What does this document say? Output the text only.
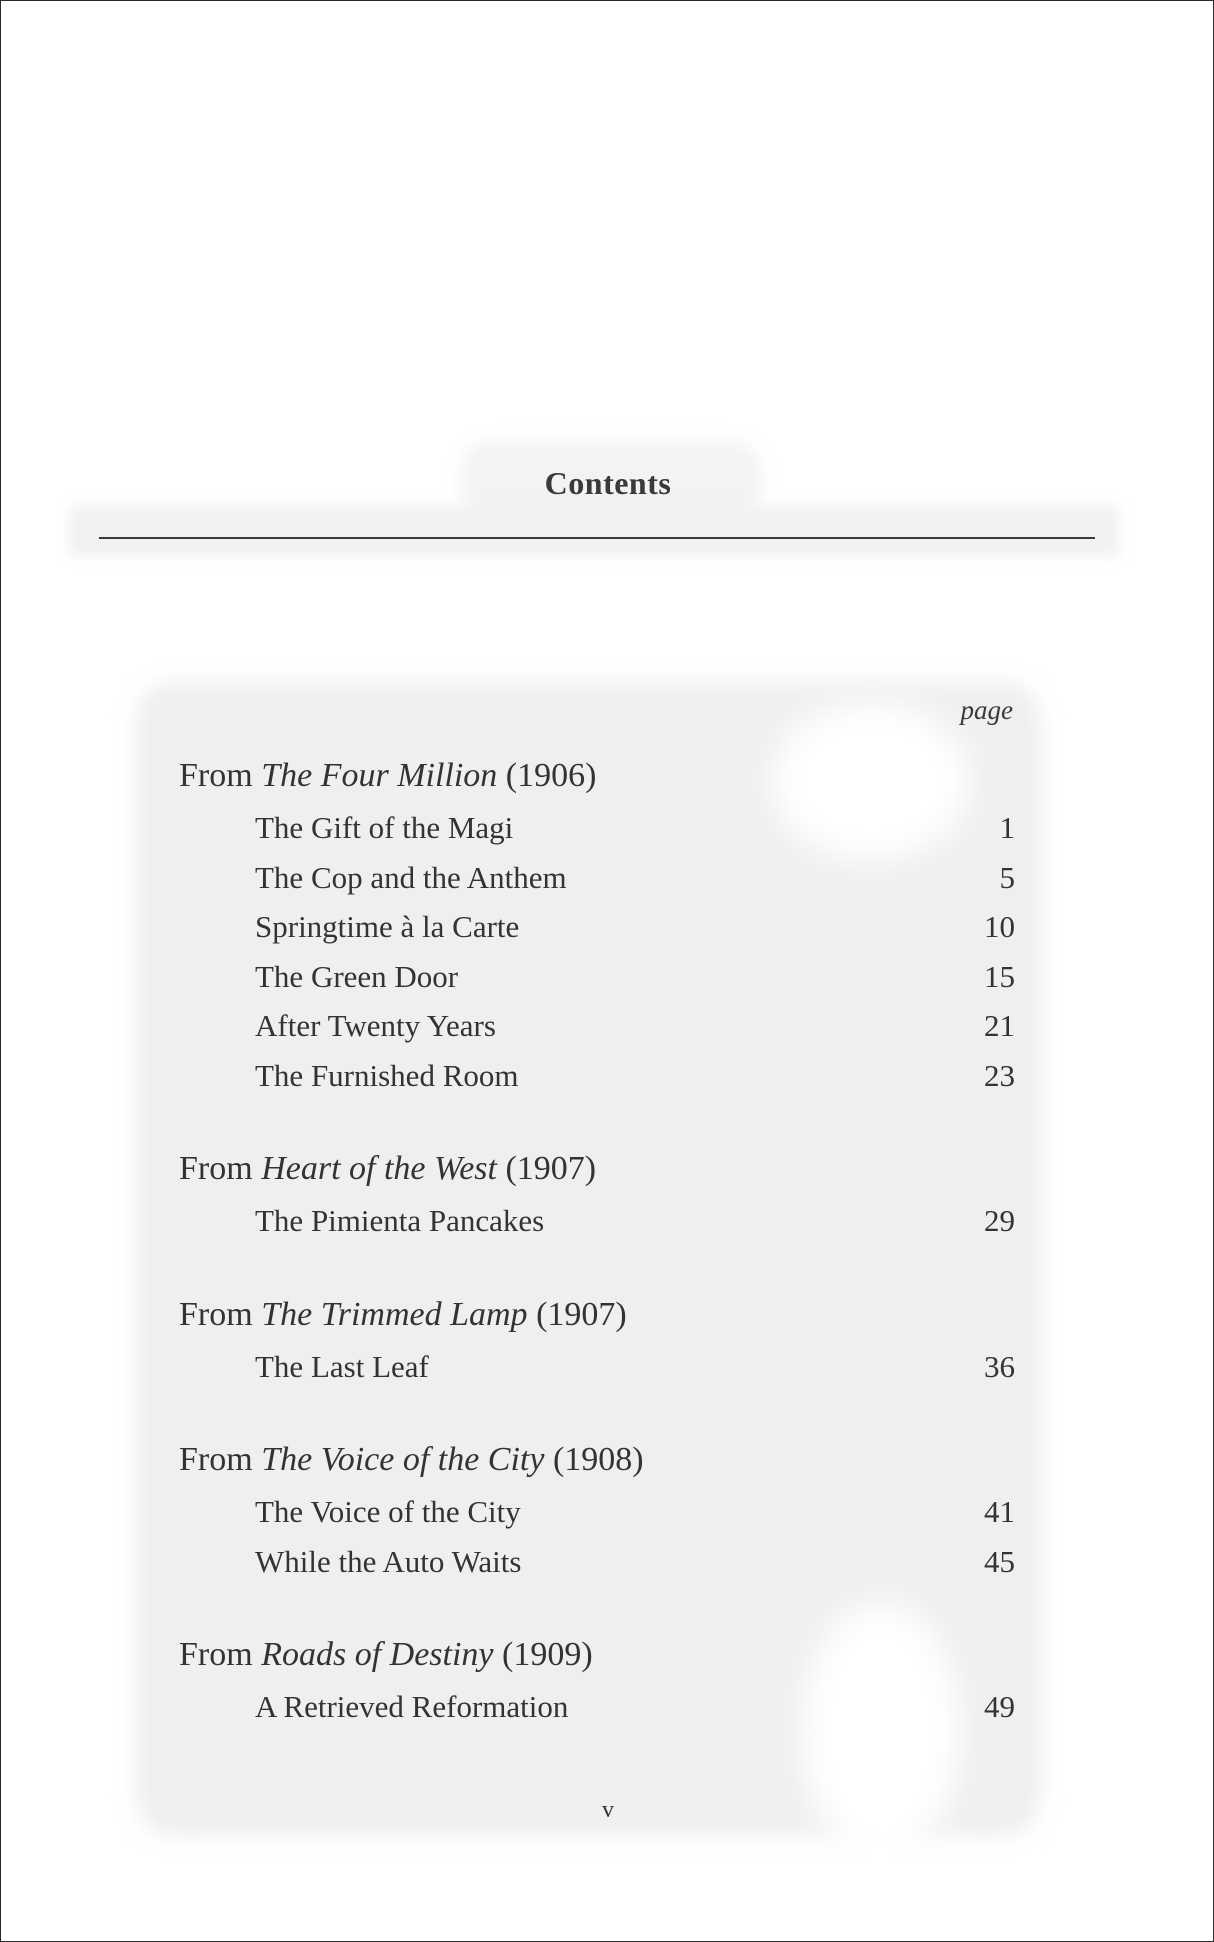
Contents
page
From The Four Million (1906)
The Gift of the Magi	1
The Cop and the Anthem	5
Springtime à la Carte	10
The Green Door	15
After Twenty Years	21
The Furnished Room	23
From Heart of the West (1907)
The Pimienta Pancakes	29
From The Trimmed Lamp (1907)
The Last Leaf	36
From The Voice of the City (1908)
The Voice of the City	41
While the Auto Waits	45
From Roads of Destiny (1909)
A Retrieved Reformation	49
v
